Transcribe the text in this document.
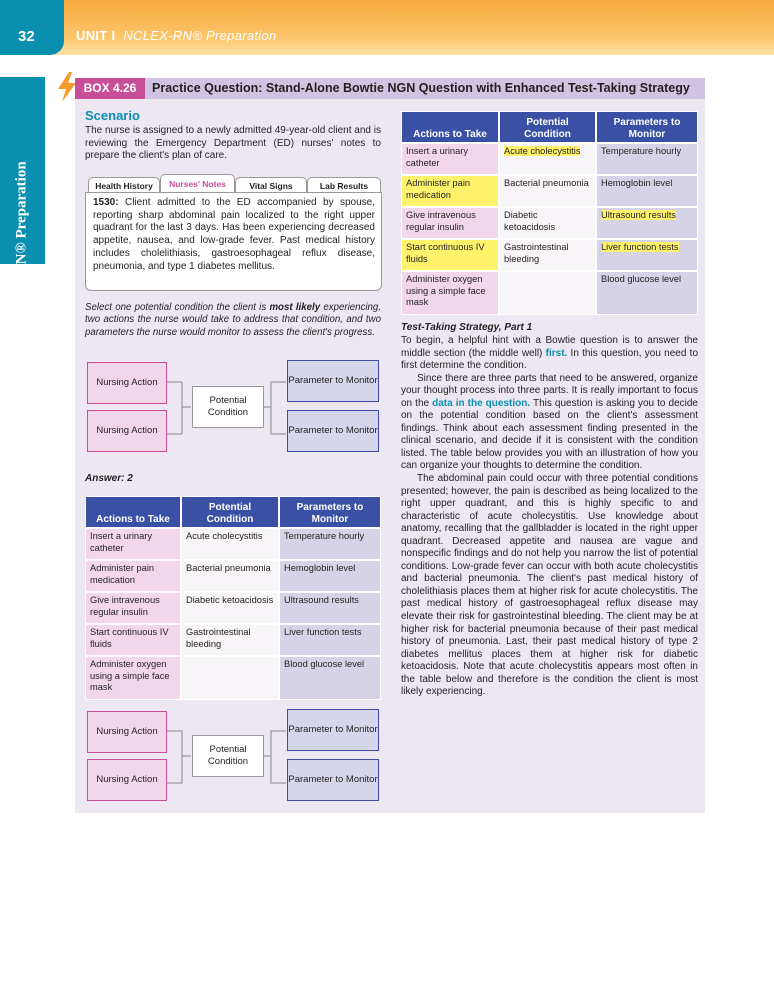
32	UNIT I NCLEX-RN® Preparation
NCLEX-RN® Preparation
BOX 4.26	Practice Question: Stand-Alone Bowtie NGN Question with Enhanced Test-Taking Strategy
Scenario
The nurse is assigned to a newly admitted 49-year-old client and is reviewing the Emergency Department (ED) nurses' notes to prepare the client's plan of care.
Health History	Nurses' Notes	Vital Signs	Lab Results
1530: Client admitted to the ED accompanied by spouse, reporting sharp abdominal pain localized to the right upper quadrant for the last 3 days. Has been experiencing decreased appetite, nausea, and low-grade fever. Past medical history includes cholelithiasis, gastroesophageal reflux disease, pneumonia, and type 1 diabetes mellitus.
Select one potential condition the client is most likely experiencing, two actions the nurse would take to address that condition, and two parameters the nurse would monitor to assess the client's progress.
Nursing Action
Nursing Action
Potential Condition
Parameter to Monitor
Parameter to Monitor
Answer: 2
Actions to Take	Potential Condition	Parameters to Monitor
Insert a urinary catheter	Acute cholecystitis	Temperature hourly
Administer pain medication	Bacterial pneumonia	Hemoglobin level
Give intravenous regular insulin	Diabetic ketoacidosis	Ultrasound results
Start continuous IV fluids	Gastrointestinal bleeding	Liver function tests
Administer oxygen using a simple face mask		Blood glucose level
Nursing Action
Nursing Action
Potential Condition
Parameter to Monitor
Parameter to Monitor
Actions to Take	Potential Condition	Parameters to Monitor
Insert a urinary catheter	Acute cholecystitis	Temperature hourly
Administer pain medication	Bacterial pneumonia	Hemoglobin level
Give intravenous regular insulin	Diabetic ketoacidosis	Ultrasound results
Start continuous IV fluids	Gastrointestinal bleeding	Liver function tests
Administer oxygen using a simple face mask		Blood glucose level
Test-Taking Strategy, Part 1

To begin, a helpful hint with a Bowtie question is to answer the middle section (the middle well) first. In this question, you need to first determine the condition.

Since there are three parts that need to be answered, organize your thought process into three parts. It is really important to focus on the data in the question. This question is asking you to decide on the potential condition based on the client's assessment findings. Think about each assessment finding presented in the clinical scenario, and decide if it is consistent with the condition listed. The table below provides you with an illustration of how you can organize your thoughts to determine the condition.

The abdominal pain could occur with three potential conditions presented; however, the pain is described as being localized to the right upper quadrant, and this is highly specific to and characteristic of acute cholecystitis. Use knowledge about anatomy, recalling that the gallbladder is located in the right upper quadrant. Decreased appetite and nausea are vague and nonspecific findings and do not help you narrow the list of potential conditions. Low-grade fever can occur with both acute cholecystitis and bacterial pneumonia. The client's past medical history of cholelithiasis places them at higher risk for acute cholecystitis. The past medical history of gastroesophageal reflux disease may elevate their risk for gastrointestinal bleeding. The client may be at higher risk for bacterial pneumonia because of their past medical history of pneumonia. Last, their past medical history of type 2 diabetes mellitus places them at higher risk for diabetic ketoacidosis. Note that acute cholecystitis appears most often in the table below and therefore is the condition the client is most likely experiencing.
